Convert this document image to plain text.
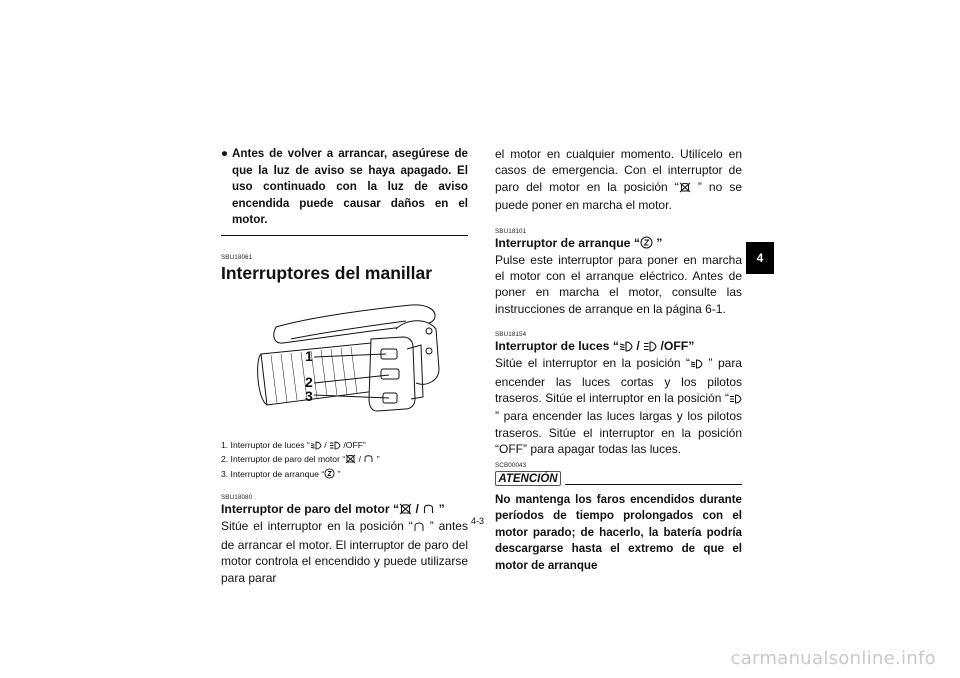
● Antes de volver a arrancar, asegúrese de que la luz de aviso se haya apagado. El uso continuado con la luz de aviso encendida puede causar daños en el motor.
SBU18061
Interruptores del manillar
1
2
3
1. Interruptor de luces “ /  /OFF”
2. Interruptor de paro del motor “ /  ”
3. Interruptor de arranque “ ”
SBU18080
Interruptor de paro del motor “ /  ”
Sitúe el interruptor en la posición “ ” antes de arrancar el motor. El interruptor de paro del motor controla el encendido y puede utilizarse para parar
el motor en cualquier momento. Utilícelo en casos de emergencia. Con el interruptor de paro del motor en la posición “ ” no se puede poner en marcha el motor.
SBU18101
Interruptor de arranque “ ”
Pulse este interruptor para poner en marcha el motor con el arranque eléctrico. Antes de poner en marcha el motor, consulte las instrucciones de arranque en la página 6-1.
SBU18154
Interruptor de luces “ /  /OFF”
Sitúe el interruptor en la posición “ ” para encender las luces cortas y los pilotos traseros. Sitúe el interruptor en la posición “ ” para encender las luces largas y los pilotos traseros. Sitúe el interruptor en la posición “OFF” para apagar todas las luces.
SCB00043
ATENCIÓN
No mantenga los faros encendidos durante períodos de tiempo prolongados con el motor parado; de hacerlo, la batería podría descargarse hasta el extremo de que el motor de arranque
4
4-3
carmanualsonline.info
